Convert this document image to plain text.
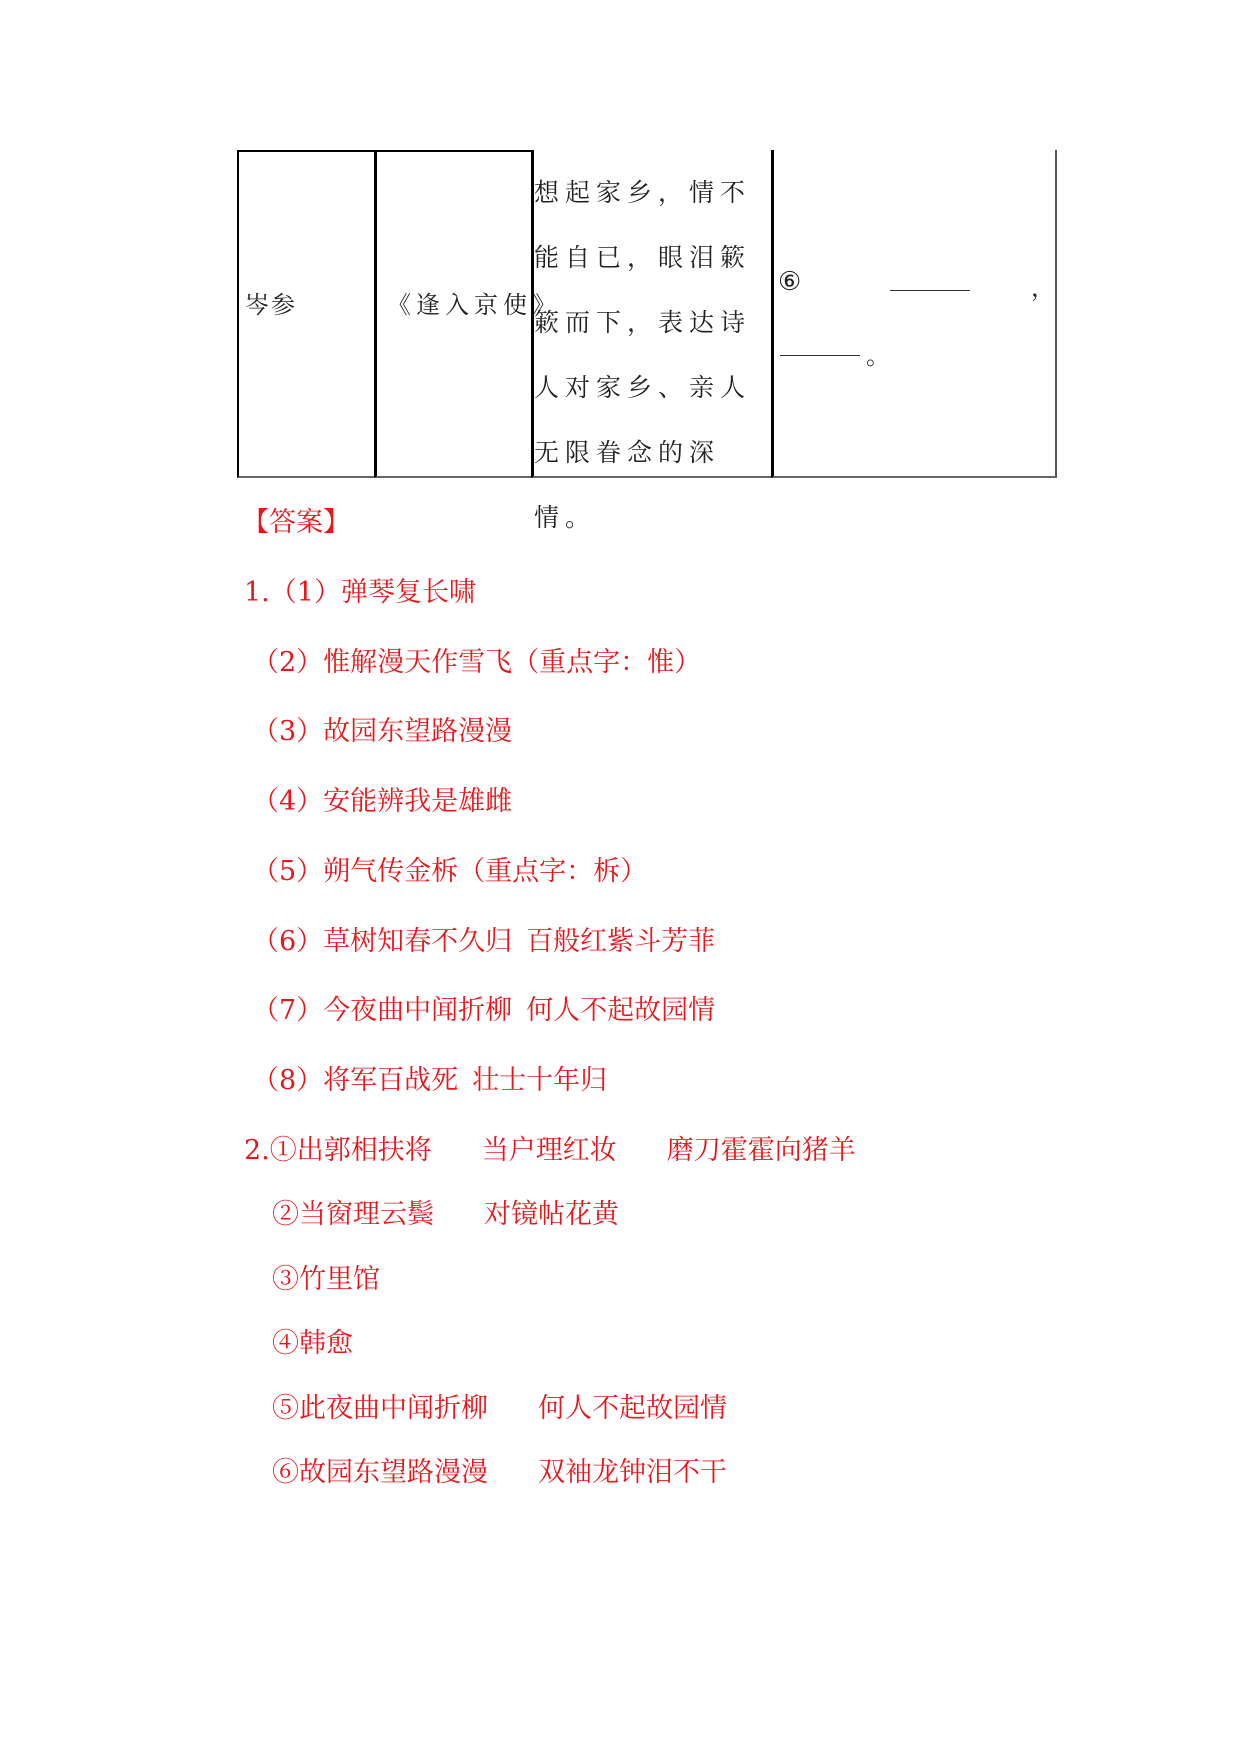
岑参	《逢入京使》
想起家乡，情不能自已，眼泪簌簌而下，表达诗人对家乡、亲人无限眷念的深情。
⑥	，
。
【答案】
1.（1）弹琴复长啸
（2）惟解漫天作雪飞（重点字：惟）
（3）故园东望路漫漫
（4）安能辨我是雄雌
（5）朔气传金柝（重点字：柝）
（6）草树知春不久归 百般红紫斗芳菲
（7）今夜曲中闻折柳 何人不起故园情
（8）将军百战死 壮士十年归
2.①出郭相扶将 当户理红妆 磨刀霍霍向猪羊
②当窗理云鬓 对镜帖花黄
③竹里馆
④韩愈
⑤此夜曲中闻折柳 何人不起故园情
⑥故园东望路漫漫 双袖龙钟泪不干
